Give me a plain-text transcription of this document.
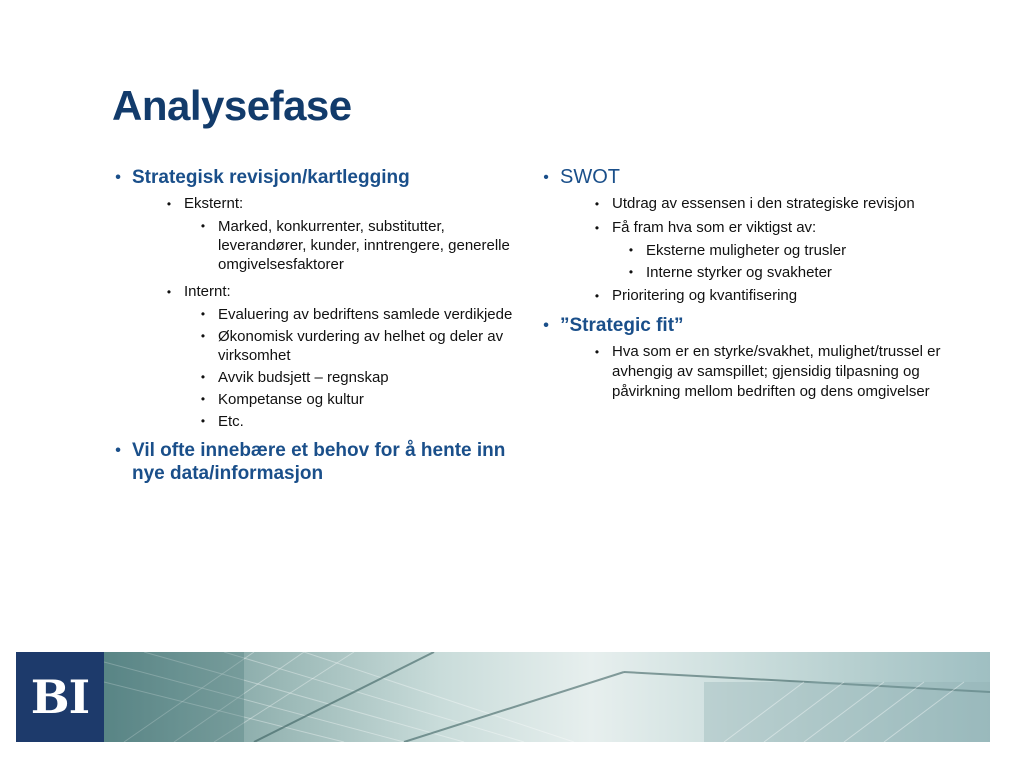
Analysefase
• Strategisk revisjon/kartlegging
• Eksternt:
• Marked, konkurrenter, substitutter, leverandører, kunder, inntrengere, generelle omgivelsesfaktorer
• Internt:
• Evaluering av bedriftens samlede verdikjede
• Økonomisk vurdering av helhet og deler av virksomhet
• Avvik budsjett – regnskap
• Kompetanse og kultur
• Etc.
• Vil ofte innebære et behov for å hente inn nye data/informasjon
• SWOT
• Utdrag av essensen i den strategiske revisjon
• Få fram hva som er viktigst av:
• Eksterne muligheter og trusler
• Interne styrker og svakheter
• Prioritering og kvantifisering
• ”Strategic fit”
• Hva som er en styrke/svakhet, mulighet/trussel er avhengig av samspillet; gjensidig tilpasning og påvirkning mellom bedriften og dens omgivelser
BI
